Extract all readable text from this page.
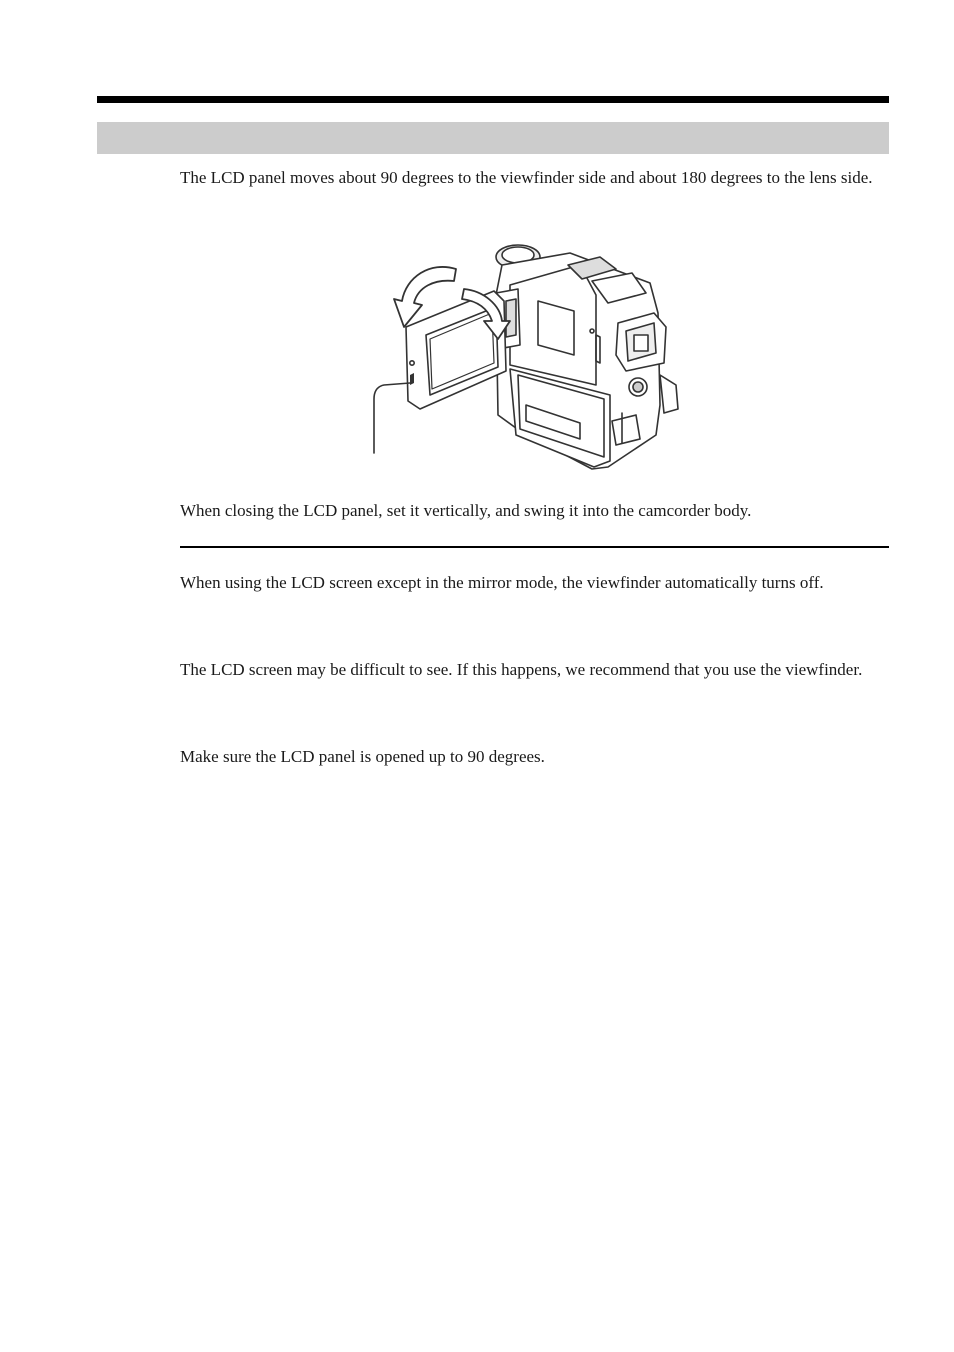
The LCD panel moves about 90 degrees to the viewfinder side and about 180 degrees to the lens side.

When closing the LCD panel, set it vertically, and swing it into the camcorder body.

When using the LCD screen except in the mirror mode, the viewfinder automatically turns off.

The LCD screen may be difficult to see. If this happens, we recommend that you use the viewfinder.

Make sure the LCD panel is opened up to 90 degrees.
